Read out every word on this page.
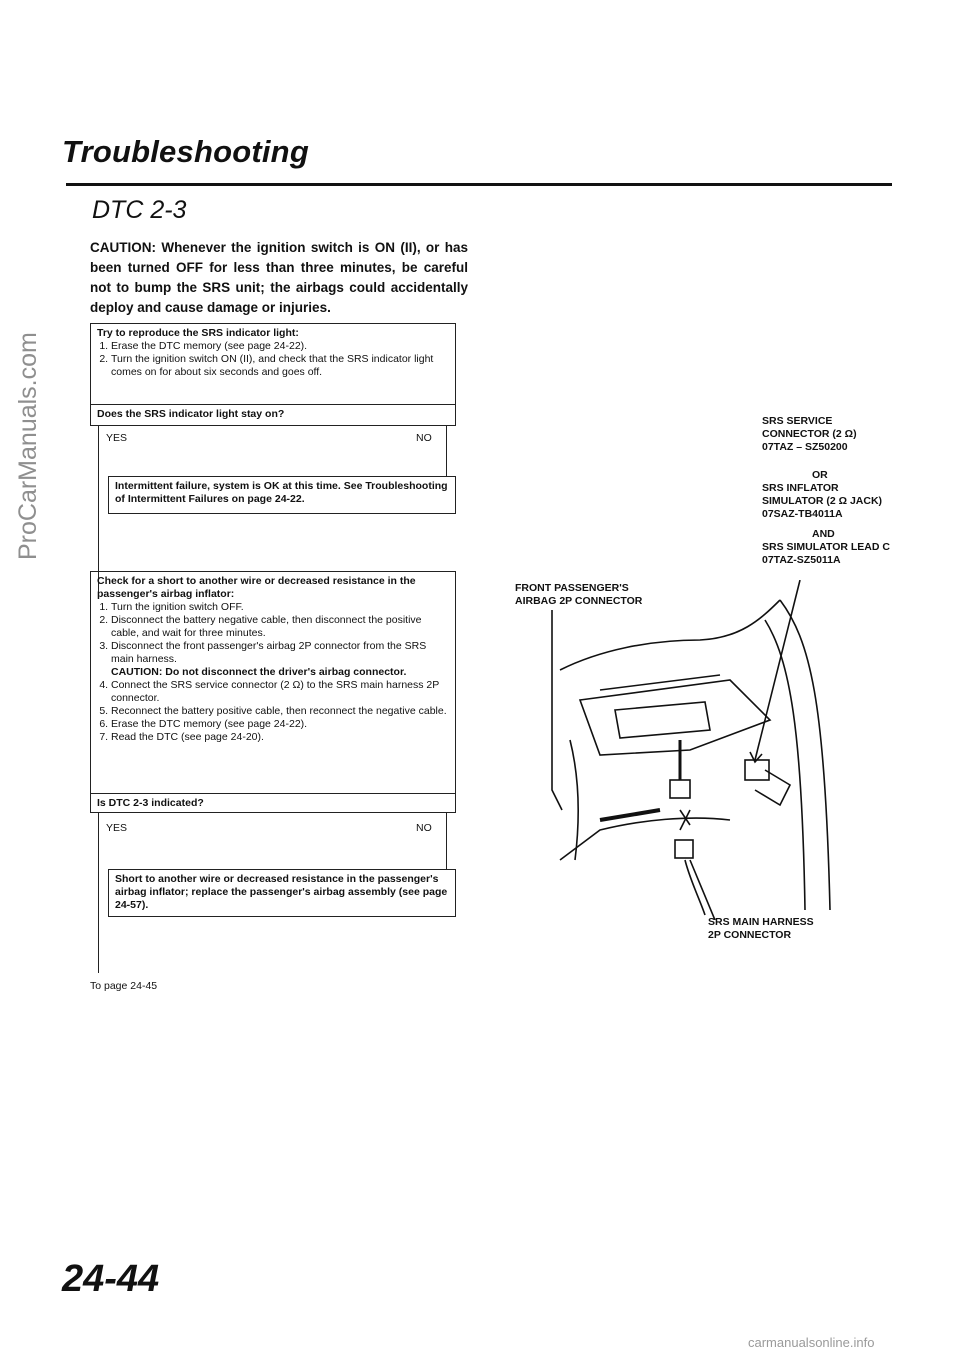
ProCarManuals.com
Troubleshooting
DTC 2-3
CAUTION: Whenever the ignition switch is ON (II), or has been turned OFF for less than three minutes, be careful not to bump the SRS unit; the airbags could accidentally deploy and cause damage or injuries.
Try to reproduce the SRS indicator light:
1. Erase the DTC memory (see page 24-22).
2. Turn the ignition switch ON (II), and check that the SRS indicator light comes on for about six seconds and goes off.
Does the SRS indicator light stay on?
YES	NO
Intermittent failure, system is OK at this time. See Troubleshooting of Intermittent Failures on page 24-22.
Check for a short to another wire or decreased resistance in the passenger's airbag inflator:
1. Turn the ignition switch OFF.
2. Disconnect the battery negative cable, then disconnect the positive cable, and wait for three minutes.
3. Disconnect the front passenger's airbag 2P connector from the SRS main harness.
CAUTION: Do not disconnect the driver's airbag connector.
4. Connect the SRS service connector (2 Ω) to the SRS main harness 2P connector.
5. Reconnect the battery positive cable, then reconnect the negative cable.
6. Erase the DTC memory (see page 24-22).
7. Read the DTC (see page 24-20).
Is DTC 2-3 indicated?
YES	NO
Short to another wire or decreased resistance in the passenger's airbag inflator; replace the passenger's airbag assembly (see page 24-57).
To page 24-45
SRS SERVICE
CONNECTOR (2 Ω)
07TAZ – SZ50200
OR
SRS INFLATOR
SIMULATOR (2 Ω JACK)
07SAZ-TB4011A
AND
SRS SIMULATOR LEAD C
07TAZ-SZ5011A
FRONT PASSENGER'S
AIRBAG 2P CONNECTOR
SRS MAIN HARNESS
2P CONNECTOR
24-44
carmanualsonline.info
